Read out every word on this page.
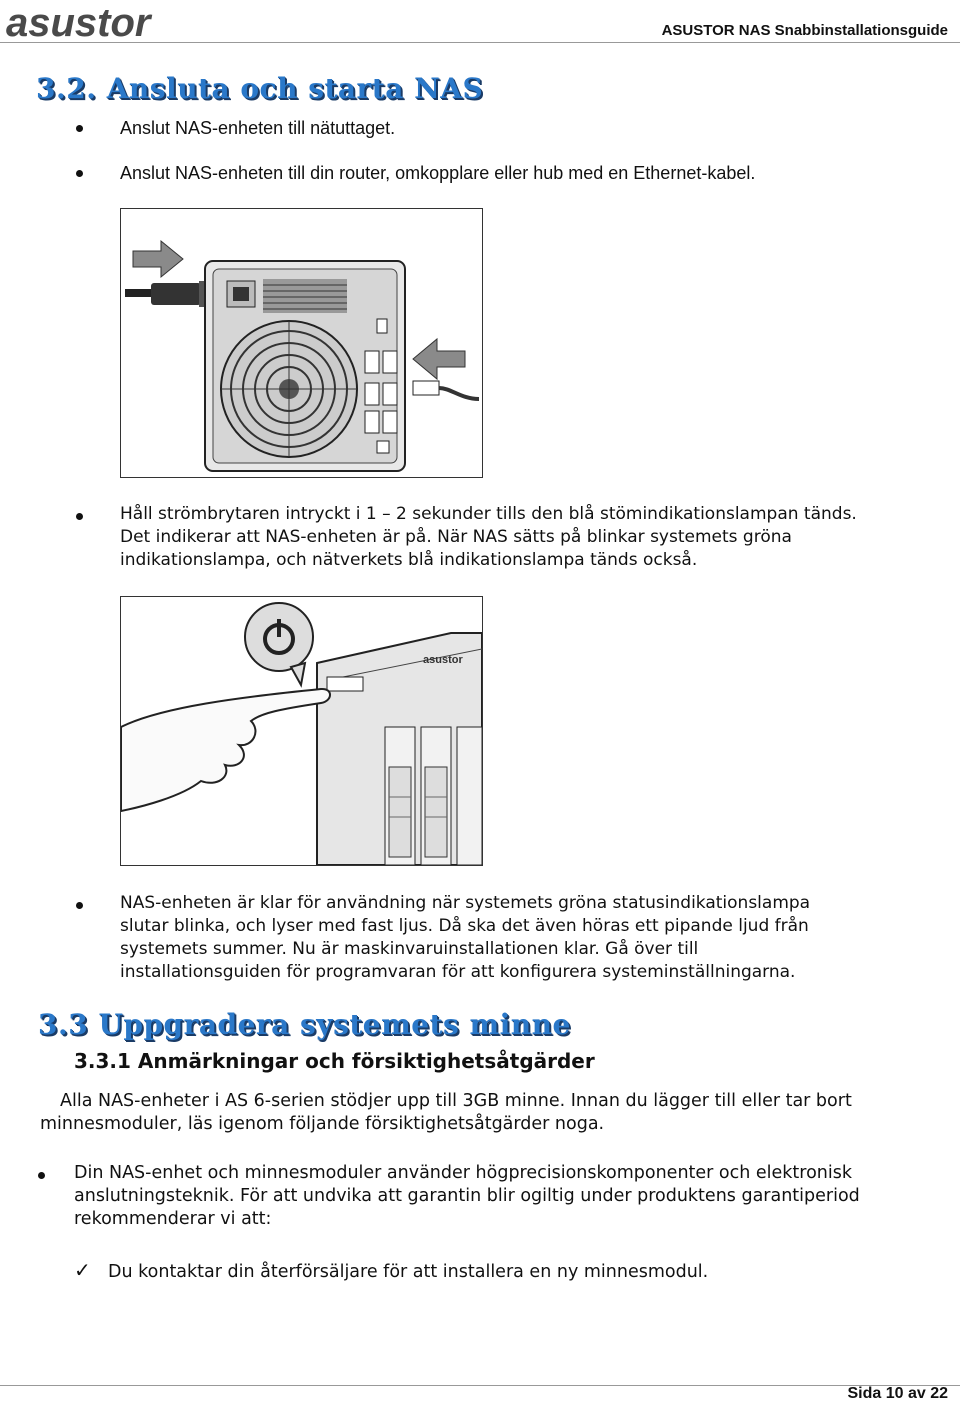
asustor	ASUSTOR NAS Snabbinstallationsguide
3.2. Ansluta och starta NAS
Anslut NAS-enheten till nätuttaget.
Anslut NAS-enheten till din router, omkopplare eller hub med en Ethernet-kabel.
Håll strömbrytaren intryckt i 1 – 2 sekunder tills den blå stömindikationslampan tänds.
Det indikerar att NAS-enheten är på. När NAS sätts på blinkar systemets gröna
indikationslampa, och nätverkets blå indikationslampa tänds också.
asustor
NAS-enheten är klar för användning när systemets gröna statusindikationslampa
slutar blinka, och lyser med fast ljus. Då ska det även höras ett pipande ljud från
systemets summer. Nu är maskinvaruinstallationen klar. Gå över till
installationsguiden för programvaran för att konfigurera systeminställningarna.
3.3 Uppgradera systemets minne
3.3.1 Anmärkningar och försiktighetsåtgärder
Alla NAS-enheter i AS 6-serien stödjer upp till 3GB minne. Innan du lägger till eller tar bort
minnesmoduler, läs igenom följande försiktighetsåtgärder noga.
Din NAS-enhet och minnesmoduler använder högprecisionskomponenter och elektronisk
anslutningsteknik. För att undvika att garantin blir ogiltig under produktens garantiperiod
rekommenderar vi att:
✓ Du kontaktar din återförsäljare för att installera en ny minnesmodul.
Sida 10 av 22
